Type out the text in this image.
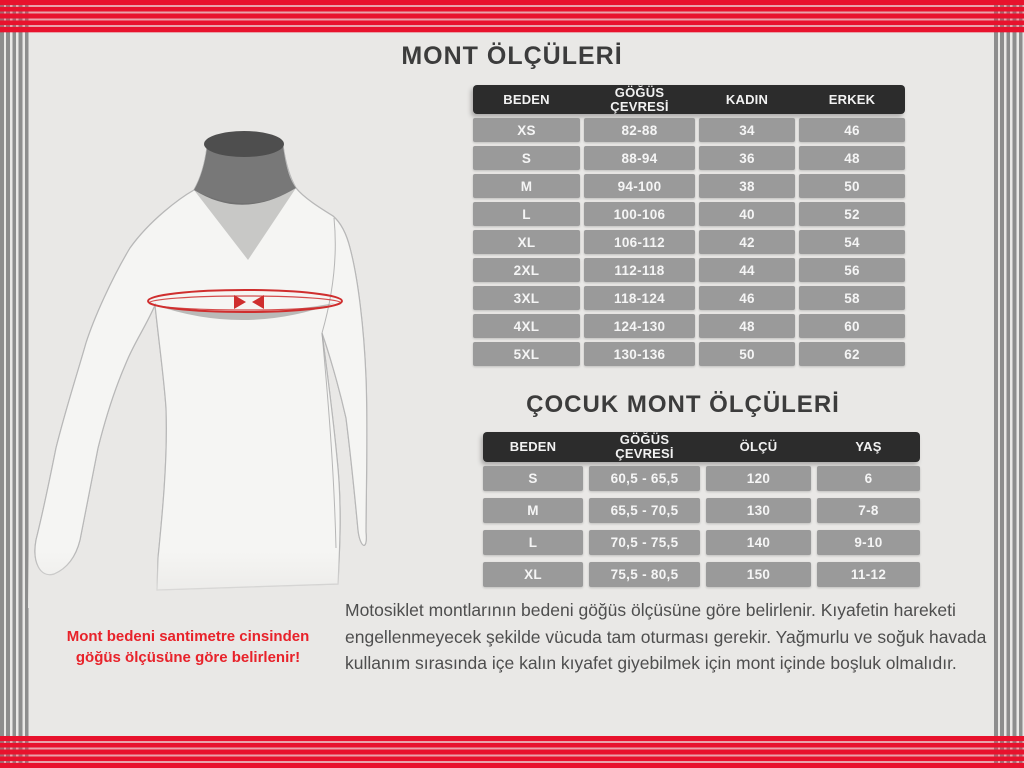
MONT ÖLÇÜLERİ
BEDEN	GÖĞÜS ÇEVRESİ	KADIN	ERKEK
XS	82-88	34	46
S	88-94	36	48
M	94-100	38	50
L	100-106	40	52
XL	106-112	42	54
2XL	112-118	44	56
3XL	118-124	46	58
4XL	124-130	48	60
5XL	130-136	50	62
ÇOCUK MONT ÖLÇÜLERİ
BEDEN	GÖĞÜS ÇEVRESİ	ÖLÇÜ	YAŞ
S	60,5 - 65,5	120	6
M	65,5 - 70,5	130	7-8
L	70,5 - 75,5	140	9-10
XL	75,5 - 80,5	150	11-12
Mont bedeni santimetre cinsinden
göğüs ölçüsüne göre belirlenir!
Motosiklet montlarının bedeni göğüs ölçüsüne göre belirlenir. Kıyafetin hareketi engellenmeyecek şekilde vücuda tam oturması gerekir. Yağmurlu ve soğuk havada kullanım sırasında içe kalın kıyafet giyebilmek için mont içinde boşluk olmalıdır.
